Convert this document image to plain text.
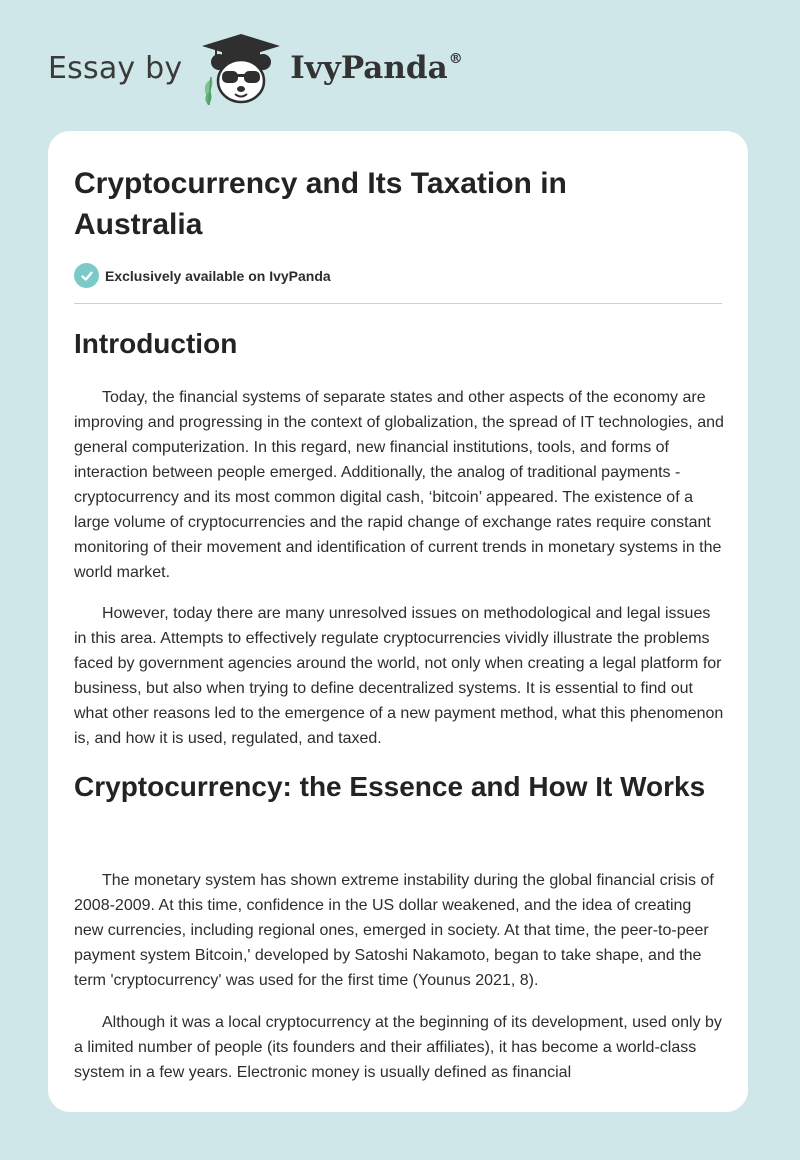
Essay by	IvyPanda®
Cryptocurrency and Its Taxation in Australia
Exclusively available on IvyPanda
Introduction

Today, the financial systems of separate states and other aspects of the economy are improving and progressing in the context of globalization, the spread of IT technologies, and general computerization. In this regard, new financial institutions, tools, and forms of interaction between people emerged. Additionally, the analog of traditional payments - cryptocurrency and its most common digital cash, ‘bitcoin’ appeared. The existence of a large volume of cryptocurrencies and the rapid change of exchange rates require constant monitoring of their movement and identification of current trends in monetary systems in the world market.

However, today there are many unresolved issues on methodological and legal issues in this area. Attempts to effectively regulate cryptocurrencies vividly illustrate the problems faced by government agencies around the world, not only when creating a legal platform for business, but also when trying to define decentralized systems. It is essential to find out what other reasons led to the emergence of a new payment method, what this phenomenon is, and how it is used, regulated, and taxed.

Cryptocurrency: the Essence and How It Works

The monetary system has shown extreme instability during the global financial crisis of 2008-2009. At this time, confidence in the US dollar weakened, and the idea of creating new currencies, including regional ones, emerged in society. At that time, the peer-to-peer payment system Bitcoin,' developed by Satoshi Nakamoto, began to take shape, and the term 'cryptocurrency' was used for the first time (Younus 2021, 8).

Although it was a local cryptocurrency at the beginning of its development, used only by a limited number of people (its founders and their affiliates), it has become a world-class system in a few years. Electronic money is usually defined as financial
